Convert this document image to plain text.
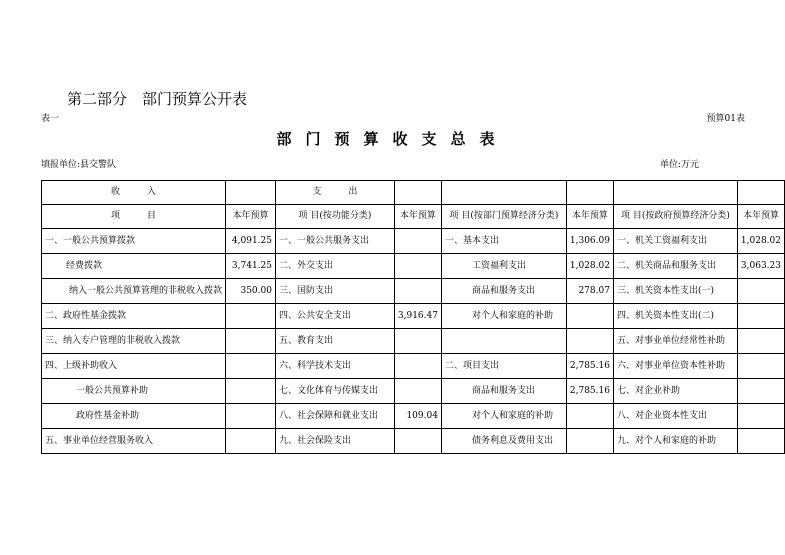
第二部分　部门预算公开表
表一	预算01表
部门预算收支总表
填报单位:县交警队	单位:万元
收　　　入		支　　　出					
项　　　目	本年预算	项 目(按功能分类)	本年预算	项 目(按部门预算经济分类)	本年预算	项 目(按政府预算经济分类)	本年预算
一、一般公共预算拨款	4,091.25	一、一般公共服务支出		一、基本支出	1,306.09	一、机关工资福利支出	1,028.02
经费拨款	3,741.25	二、外交支出		工资福利支出	1,028.02	二、机关商品和服务支出	3,063.23
纳入一般公共预算管理的非税收入拨款	350.00	三、国防支出		商品和服务支出	278.07	三、机关资本性支出(一)	
二、政府性基金拨款		四、公共安全支出	3,916.47	对个人和家庭的补助		四、机关资本性支出(二)	
三、纳入专户管理的非税收入拨款		五、教育支出				五、对事业单位经常性补助	
四、上级补助收入		六、科学技术支出		二、项目支出	2,785.16	六、对事业单位资本性补助	
一般公共预算补助		七、文化体育与传媒支出		商品和服务支出	2,785.16	七、对企业补助	
政府性基金补助		八、社会保障和就业支出	109.04	对个人和家庭的补助		八、对企业资本性支出	
五、事业单位经营服务收入		九、社会保险支出		债务利息及费用支出		九、对个人和家庭的补助	
